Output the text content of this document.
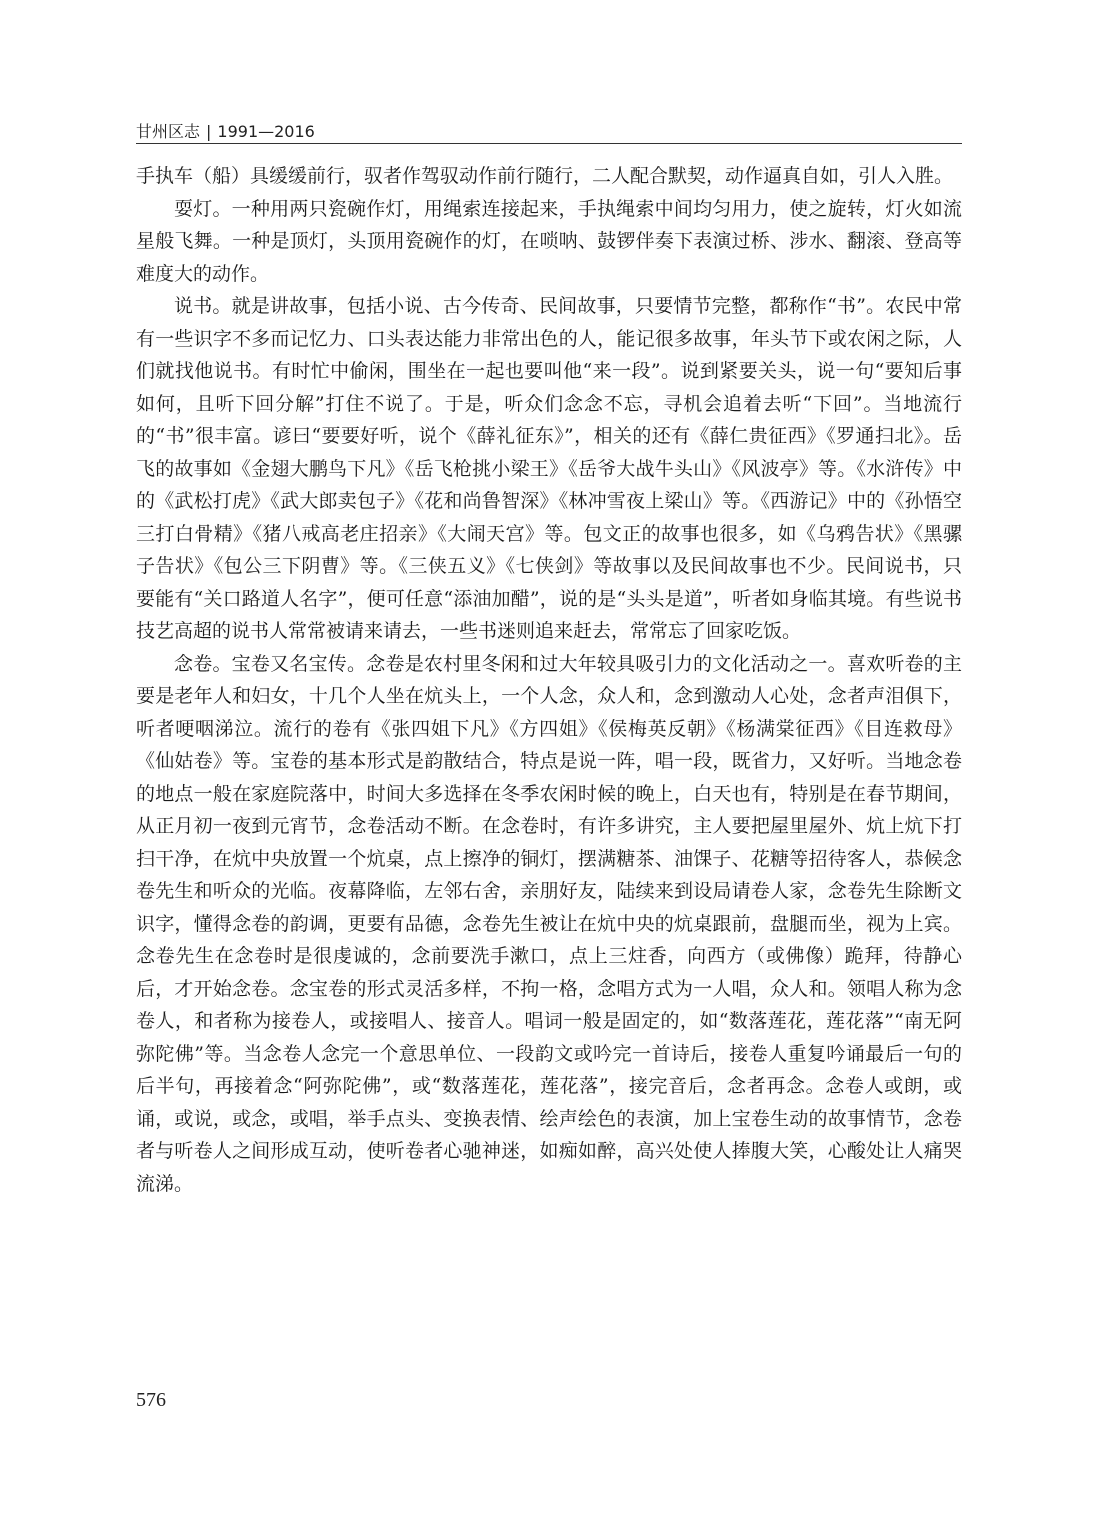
甘州区志 | 1991—2016

手执车（船）具缓缓前行，驭者作驾驭动作前行随行，二人配合默契，动作逼真自如，引人入胜。

耍灯。一种用两只瓷碗作灯，用绳索连接起来，手执绳索中间均匀用力，使之旋转，灯火如流星般飞舞。一种是顶灯，头顶用瓷碗作的灯，在唢呐、鼓锣伴奏下表演过桥、涉水、翻滚、登高等难度大的动作。

说书。就是讲故事，包括小说、古今传奇、民间故事，只要情节完整，都称作“书”。农民中常有一些识字不多而记忆力、口头表达能力非常出色的人，能记很多故事，年头节下或农闲之际，人们就找他说书。有时忙中偷闲，围坐在一起也要叫他“来一段”。说到紧要关头，说一句“要知后事如何，且听下回分解”打住不说了。于是，听众们念念不忘，寻机会追着去听“下回”。当地流行的“书”很丰富。谚曰“要要好听，说个《薛礼征东》”，相关的还有《薛仁贵征西》《罗通扫北》。岳飞的故事如《金翅大鹏鸟下凡》《岳飞枪挑小梁王》《岳爷大战牛头山》《风波亭》等。《水浒传》中的《武松打虎》《武大郎卖包子》《花和尚鲁智深》《林冲雪夜上梁山》等。《西游记》中的《孙悟空三打白骨精》《猪八戒高老庄招亲》《大闹天宫》等。包文正的故事也很多，如《乌鸦告状》《黑骡子告状》《包公三下阴曹》等。《三侠五义》《七侠剑》等故事以及民间故事也不少。民间说书，只要能有“关口路道人名字”，便可任意“添油加醋”，说的是“头头是道”，听者如身临其境。有些说书技艺高超的说书人常常被请来请去，一些书迷则追来赶去，常常忘了回家吃饭。

念卷。宝卷又名宝传。念卷是农村里冬闲和过大年较具吸引力的文化活动之一。喜欢听卷的主要是老年人和妇女，十几个人坐在炕头上，一个人念，众人和，念到激动人心处，念者声泪俱下，听者哽咽涕泣。流行的卷有《张四姐下凡》《方四姐》《侯梅英反朝》《杨满棠征西》《目连救母》《仙姑卷》等。宝卷的基本形式是韵散结合，特点是说一阵，唱一段，既省力，又好听。当地念卷的地点一般在家庭院落中，时间大多选择在冬季农闲时候的晚上，白天也有，特别是在春节期间，从正月初一夜到元宵节，念卷活动不断。在念卷时，有许多讲究，主人要把屋里屋外、炕上炕下打扫干净，在炕中央放置一个炕桌，点上擦净的铜灯，摆满糖茶、油馃子、花糖等招待客人，恭候念卷先生和听众的光临。夜幕降临，左邻右舍，亲朋好友，陆续来到设局请卷人家，念卷先生除断文识字，懂得念卷的韵调，更要有品德，念卷先生被让在炕中央的炕桌跟前，盘腿而坐，视为上宾。念卷先生在念卷时是很虔诚的，念前要洗手漱口，点上三炷香，向西方（或佛像）跪拜，待静心后，才开始念卷。念宝卷的形式灵活多样，不拘一格，念唱方式为一人唱，众人和。领唱人称为念卷人，和者称为接卷人，或接唱人、接音人。唱词一般是固定的，如“数落莲花，莲花落”“南无阿弥陀佛”等。当念卷人念完一个意思单位、一段韵文或吟完一首诗后，接卷人重复吟诵最后一句的后半句，再接着念“阿弥陀佛”，或“数落莲花，莲花落”，接完音后，念者再念。念卷人或朗，或诵，或说，或念，或唱，举手点头、变换表情、绘声绘色的表演，加上宝卷生动的故事情节，念卷者与听卷人之间形成互动，使听卷者心驰神迷，如痴如醉，高兴处使人捧腹大笑，心酸处让人痛哭流涕。

576
